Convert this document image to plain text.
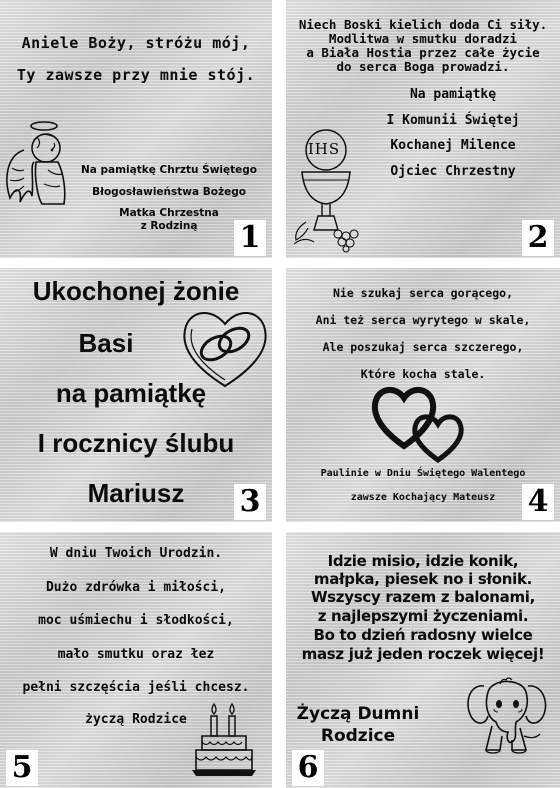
Aniele Boży, stróżu mój,
Ty zawsze przy mnie stój.
Na pamiątkę Chrztu Świętego
Błogosławieństwa Bożego
Matka Chrzestna
z Rodziną	1
Niech Boski kielich doda Ci siły.
Modlitwa w smutku doradzi
a Biała Hostia przez całe życie
do serca Boga prowadzi.
Na pamiątkę
I Komunii Świętej
Kochanej Milence
Ojciec Chrzestny
IHS
2
Ukochonej żonie
Basi
na pamiątkę
I rocznicy ślubu
Mariusz	3
Nie szukaj serca gorącego,
Ani też serca wyrytego w skale,
Ale poszukaj serca szczerego,
Które kocha stale.
Paulinie w Dniu Świętego Walentego
zawsze Kochający Mateusz	4
W dniu Twoich Urodzin.
Dużo zdrówka i miłości,
moc uśmiechu i słodkości,
mało smutku oraz łez
pełni szczęścia jeśli chcesz.
życzą Rodzice
5
Idzie misio, idzie konik,
małpka, piesek no i słonik.
Wszyscy razem z balonami,
z najlepszymi życzeniami.
Bo to dzień radosny wielce
masz już jeden roczek więcej!
Życzą Dumni
Rodzice
6
